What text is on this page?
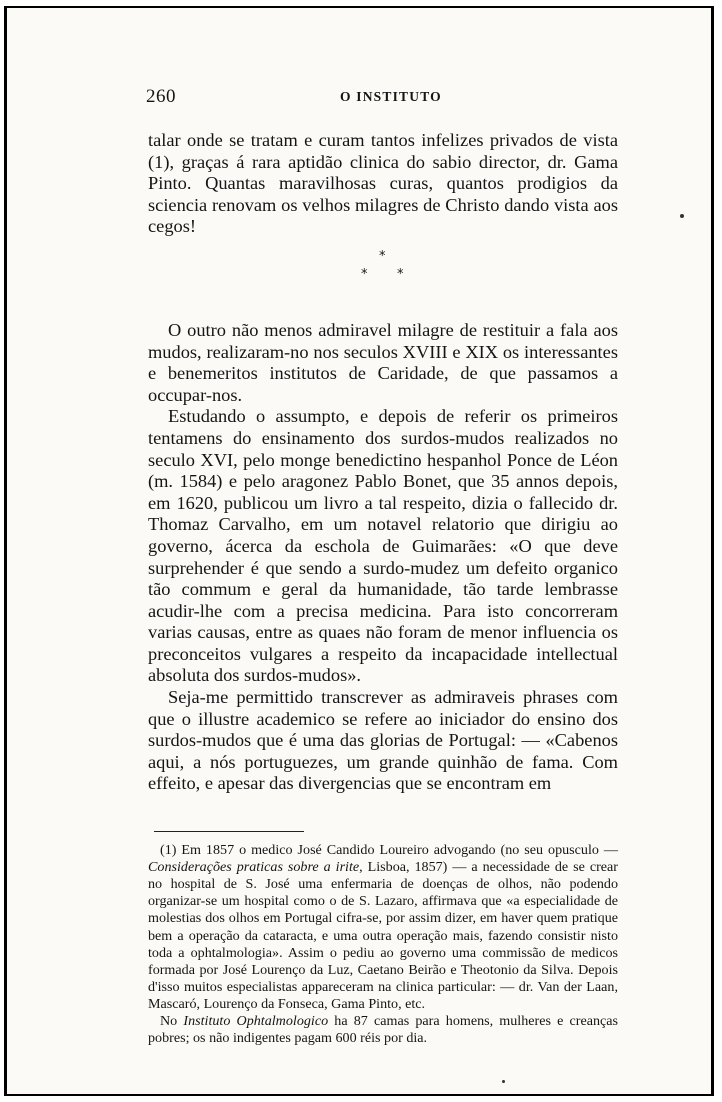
260	O INSTITUTO

talar onde se tratam e curam tantos infelizes privados de vista (1), graças á rara aptidão clinica do sabio director, dr. Gama Pinto. Quantas maravilhosas curas, quantos prodigios da sciencia renovam os velhos milagres de Christo dando vista aos cegos!

*
* *

O outro não menos admiravel milagre de restituir a fala aos mudos, realizaram-no nos seculos XVIII e XIX os interessantes e benemeritos institutos de Caridade, de que passamos a occupar-nos.

Estudando o assumpto, e depois de referir os primeiros tentamens do ensinamento dos surdos-mudos realizados no seculo XVI, pelo monge benedictino hespanhol Ponce de Léon (m. 1584) e pelo aragonez Pablo Bonet, que 35 annos depois, em 1620, publicou um livro a tal respeito, dizia o fallecido dr. Thomaz Carvalho, em um notavel relatorio que dirigiu ao governo, ácerca da eschola de Guimarães: «O que deve surprehender é que sendo a surdo-mudez um defeito organico tão commum e geral da humanidade, tão tarde lembrasse acudir-lhe com a precisa medicina. Para isto concorreram varias causas, entre as quaes não foram de menor influencia os preconceitos vulgares a respeito da incapacidade intellectual absoluta dos surdos-mudos».

Seja-me permittido transcrever as admiraveis phrases com que o illustre academico se refere ao iniciador do ensino dos surdos-mudos que é uma das glorias de Portugal: — «Cabenos aqui, a nós portuguezes, um grande quinhão de fama. Com effeito, e apesar das divergencias que se encontram em

(1) Em 1857 o medico José Candido Loureiro advogando (no seu opusculo — Considerações praticas sobre a irite, Lisboa, 1857) — a necessidade de se crear no hospital de S. José uma enfermaria de doenças de olhos, não podendo organizar-se um hospital como o de S. Lazaro, affirmava que «a especialidade de molestias dos olhos em Portugal cifra-se, por assim dizer, em haver quem pratique bem a operação da cataracta, e uma outra operação mais, fazendo consistir nisto toda a ophtalmologia». Assim o pediu ao governo uma commissão de medicos formada por José Lourenço da Luz, Caetano Beirão e Theotonio da Silva. Depois d'isso muitos especialistas appareceram na clinica particular: — dr. Van der Laan, Mascaró, Lourenço da Fonseca, Gama Pinto, etc.

No Instituto Ophtalmologico ha 87 camas para homens, mulheres e creanças pobres; os não indigentes pagam 600 réis por dia.
